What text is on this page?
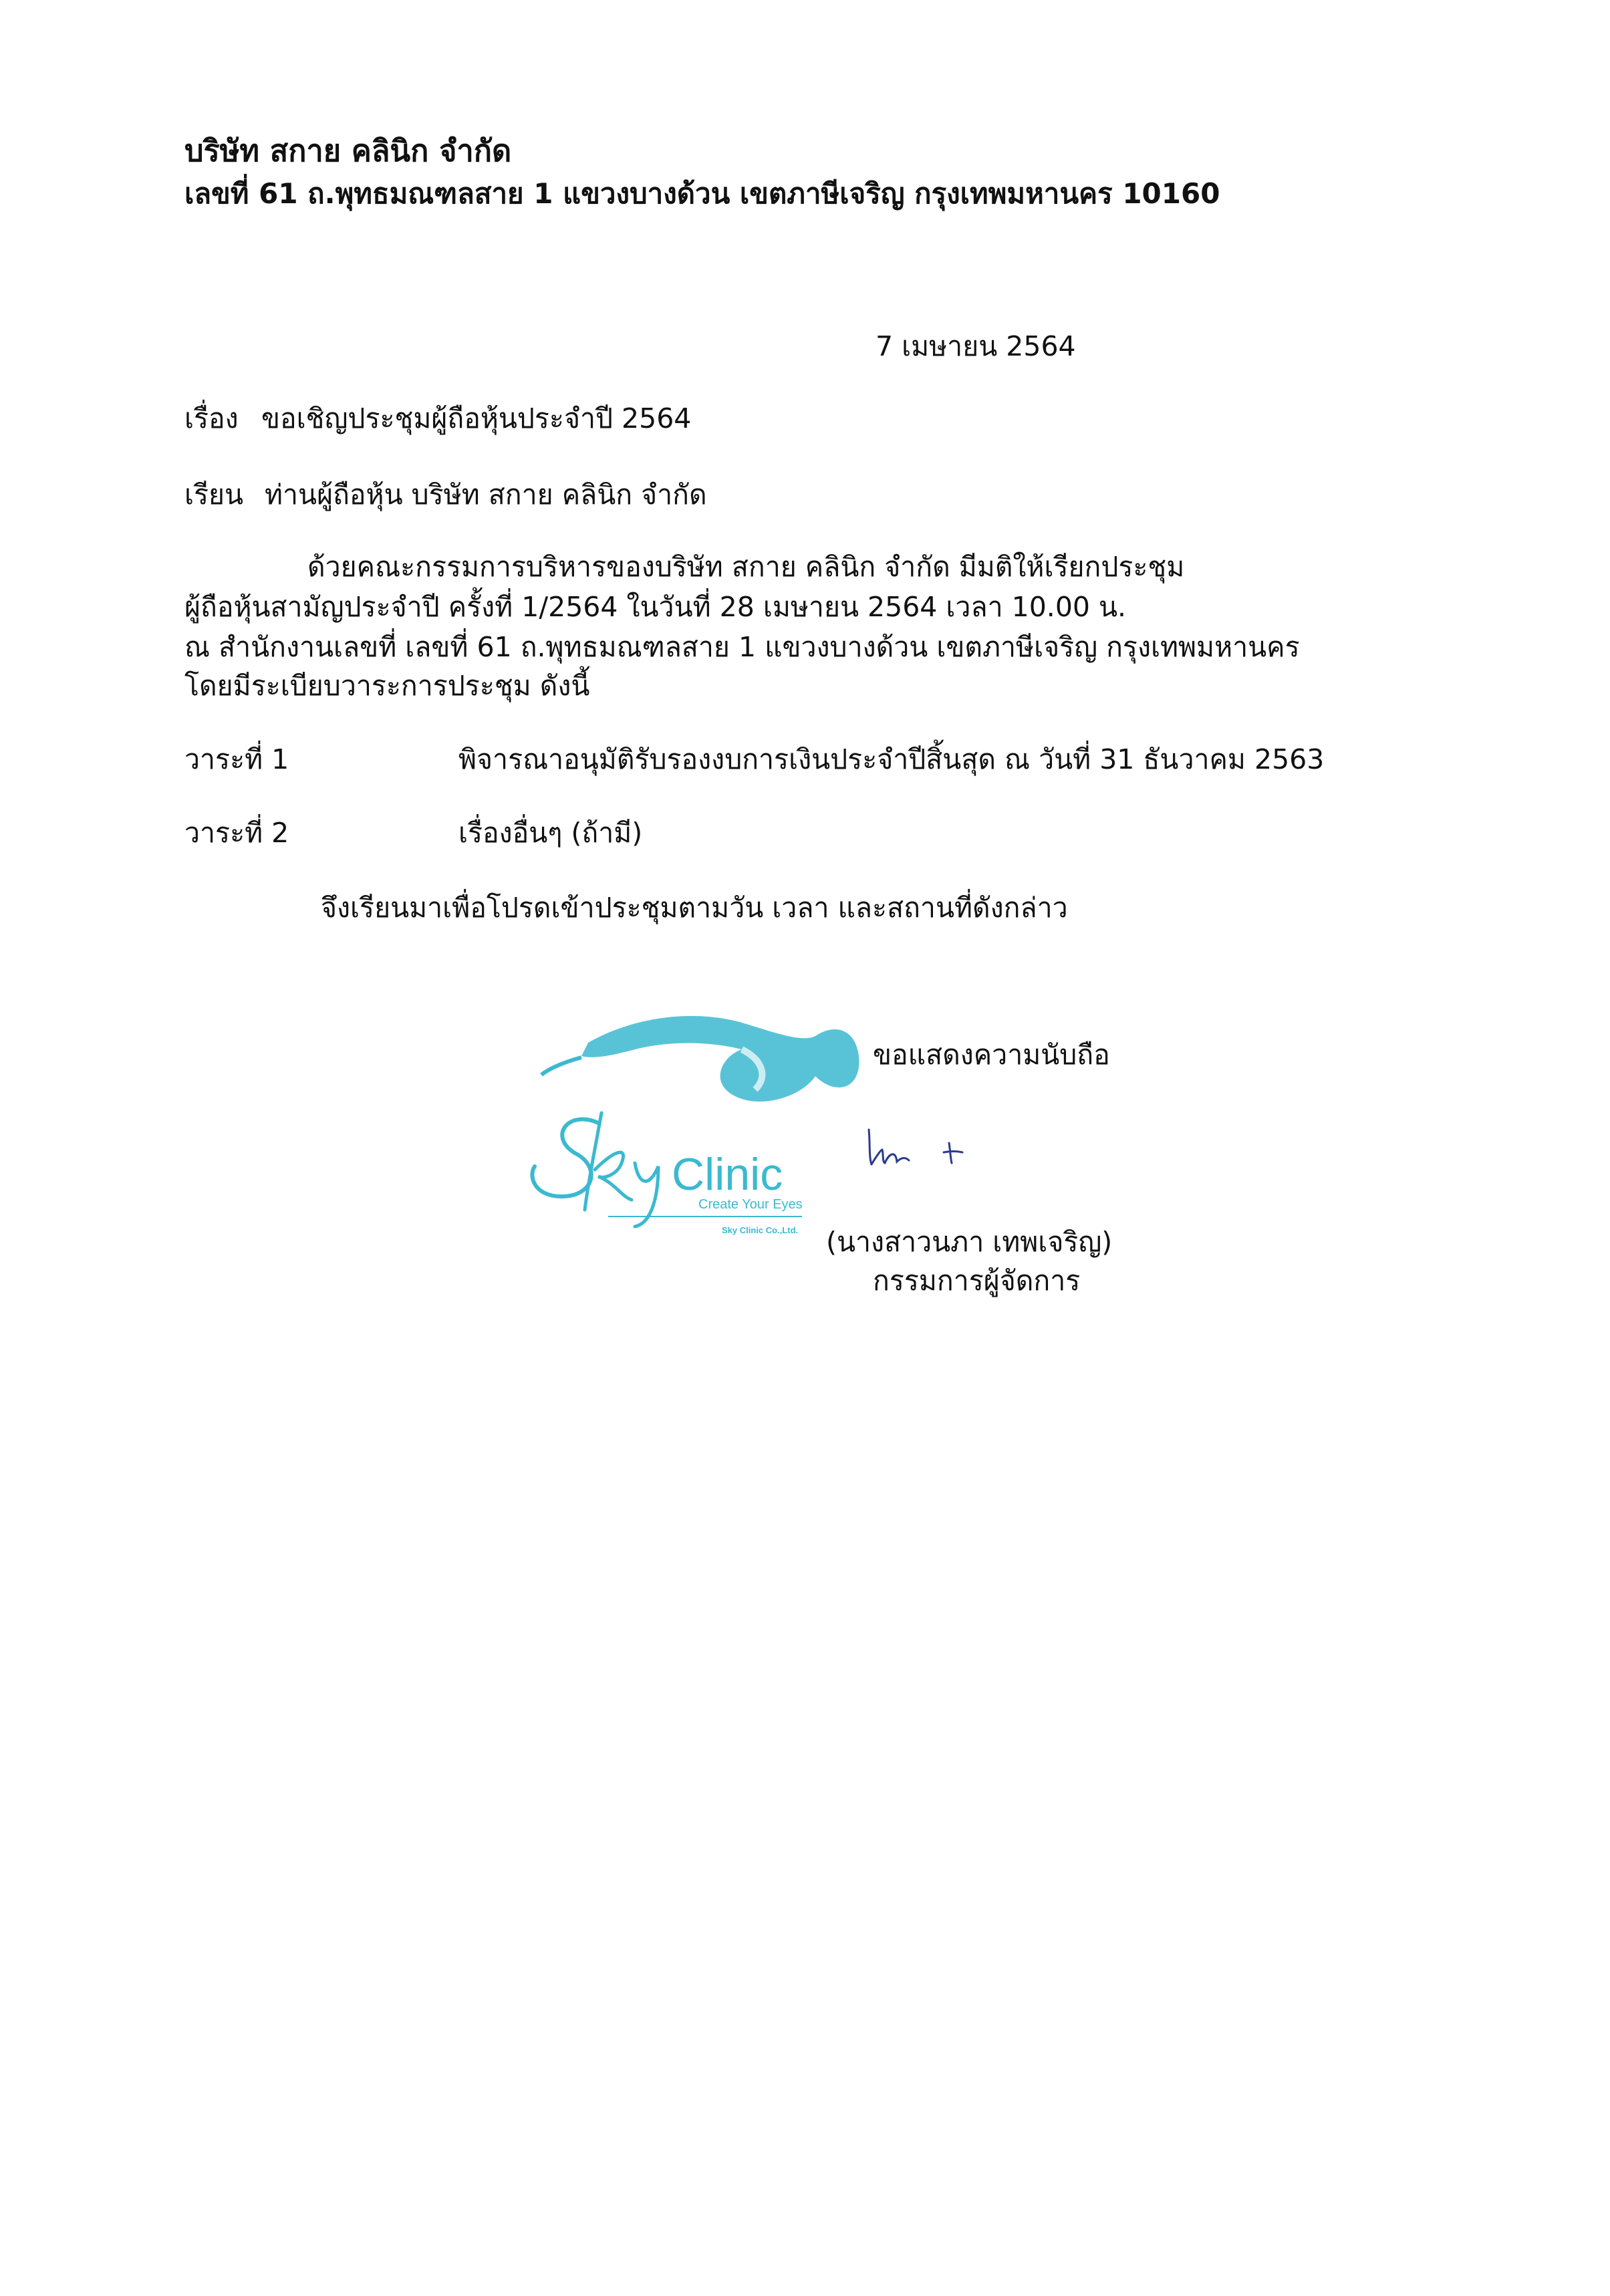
บริษัท สกาย คลินิก จำกัด
เลขที่ 61 ถ.พุทธมณฑลสาย 1 แขวงบางด้วน เขตภาษีเจริญ กรุงเทพมหานคร 10160
7 เมษายน 2564
เรื่อง ขอเชิญประชุมผู้ถือหุ้นประจำปี 2564
เรียน ท่านผู้ถือหุ้น บริษัท สกาย คลินิก จำกัด
ด้วยคณะกรรมการบริหารของบริษัท สกาย คลินิก จำกัด มีมติให้เรียกประชุม
ผู้ถือหุ้นสามัญประจำปี ครั้งที่ 1/2564 ในวันที่ 28 เมษายน 2564 เวลา 10.00 น.
ณ สำนักงานเลขที่ เลขที่ 61 ถ.พุทธมณฑลสาย 1 แขวงบางด้วน เขตภาษีเจริญ กรุงเทพมหานคร
โดยมีระเบียบวาระการประชุม ดังนี้
วาระที่ 1	พิจารณาอนุมัติรับรองงบการเงินประจำปีสิ้นสุด ณ วันที่ 31 ธันวาคม 2563
วาระที่ 2	เรื่องอื่นๆ (ถ้ามี)
จึงเรียนมาเพื่อโปรดเข้าประชุมตามวัน เวลา และสถานที่ดังกล่าว
Clinic
Create Your Eyes
Sky Clinic Co.,Ltd.
ขอแสดงความนับถือ
(นางสาวนภา เทพเจริญ)
กรรมการผู้จัดการ
